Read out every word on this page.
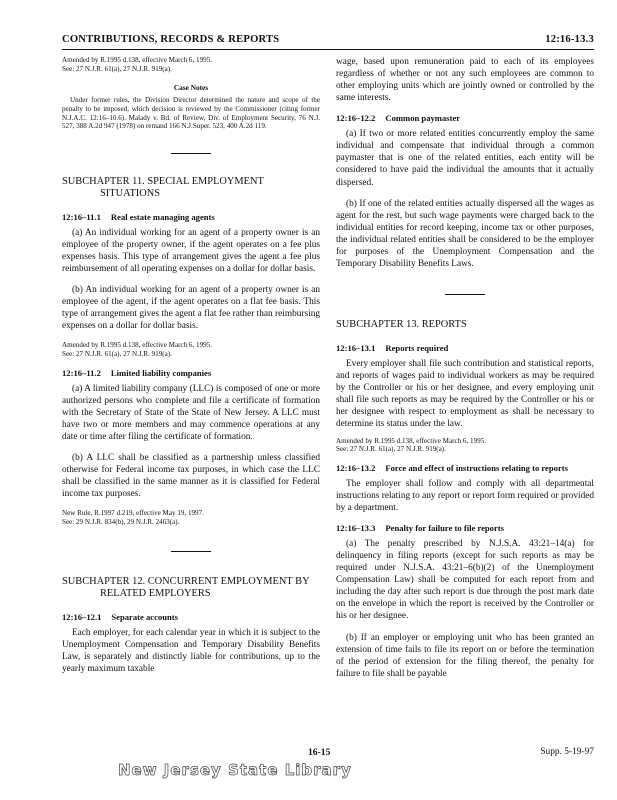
CONTRIBUTIONS, RECORDS & REPORTS	12:16-13.3

Amended by R.1995 d.138, effective March 6, 1995.

See: 27 N.J.R. 61(a), 27 N.J.R. 919(a).

Case Notes

Under former rules, the Division Director determined the nature and scope of the penalty to be imposed, which decision is reviewed by the Commissioner (citing former N.J.A.C. 12:16–10.6). Malady v. Bd. of Review, Div. of Employment Security, 76 N.J. 527, 388 A.2d 947 (1978) on remand 166 N.J.Super. 523, 400 A.2d 119.

SUBCHAPTER 11. SPECIAL EMPLOYMENT SITUATIONS

12:16–11.1 Real estate managing agents

(a) An individual working for an agent of a property owner is an employee of the property owner, if the agent operates on a fee plus expenses basis. This type of arrangement gives the agent a fee plus reimbursement of all operating expenses on a dollar for dollar basis.

(b) An individual working for an agent of a property owner is an employee of the agent, if the agent operates on a flat fee basis. This type of arrangement gives the agent a flat fee rather than reimbursing expenses on a dollar for dollar basis.

Amended by R.1995 d.138, effective March 6, 1995.

See: 27 N.J.R. 61(a), 27 N.J.R. 919(a).

12:16–11.2 Limited liability companies

(a) A limited liability company (LLC) is composed of one or more authorized persons who complete and file a certificate of formation with the Secretary of State of the State of New Jersey. A LLC must have two or more members and may commence operations at any date or time after filing the certificate of formation.

(b) A LLC shall be classified as a partnership unless classified otherwise for Federal income tax purposes, in which case the LLC shall be classified in the same manner as it is classified for Federal income tax purposes.

New Rule, R.1997 d.219, effective May 19, 1997.

See: 29 N.J.R. 834(b), 29 N.J.R. 2463(a).

SUBCHAPTER 12. CONCURRENT EMPLOYMENT BY RELATED EMPLOYERS

12:16–12.1 Separate accounts

Each employer, for each calendar year in which it is subject to the Unemployment Compensation and Temporary Disability Benefits Law, is separately and distinctly liable for contributions, up to the yearly maximum taxable

wage, based upon remuneration paid to each of its employees regardless of whether or not any such employees are common to other employing units which are jointly owned or controlled by the same interests.

12:16–12.2 Common paymaster

(a) If two or more related entities concurrently employ the same individual and compensate that individual through a common paymaster that is one of the related entities, each entity will be considered to have paid the individual the amounts that it actually dispersed.

(b) If one of the related entities actually dispersed all the wages as agent for the rest, but such wage payments were charged back to the individual entities for record keeping, income tax or other purposes, the individual related entities shall be considered to be the employer for purposes of the Unemployment Compensation and the Temporary Disability Benefits Laws.

SUBCHAPTER 13. REPORTS

12:16–13.1 Reports required

Every employer shall file such contribution and statistical reports, and reports of wages paid to individual workers as may be required by the Controller or his or her designee, and every employing unit shall file such reports as may be required by the Controller or his or her designee with respect to employment as shall be necessary to determine its status under the law.

Amended by R.1995 d.138, effective March 6, 1995.

See: 27 N.J.R. 61(a), 27 N.J.R. 919(a).

12:16–13.2 Force and effect of instructions relating to reports

The employer shall follow and comply with all departmental instructions relating to any report or report form required or provided by a department.

12:16–13.3 Penalty for failure to file reports

(a) The penalty prescribed by N.J.S.A. 43:21–14(a) for delinquency in filing reports (except for such reports as may be required under N.J.S.A. 43:21–6(b)(2) of the Unemployment Compensation Law) shall be computed for each report from and including the day after such report is due through the post mark date on the envelope in which the report is received by the Controller or his or her designee.

(b) If an employer or employing unit who has been granted an extension of time fails to file its report on or before the termination of the period of extension for the filing thereof, the penalty for failure to file shall be payable

16-15	Supp. 5-19-97
New Jersey State Library
